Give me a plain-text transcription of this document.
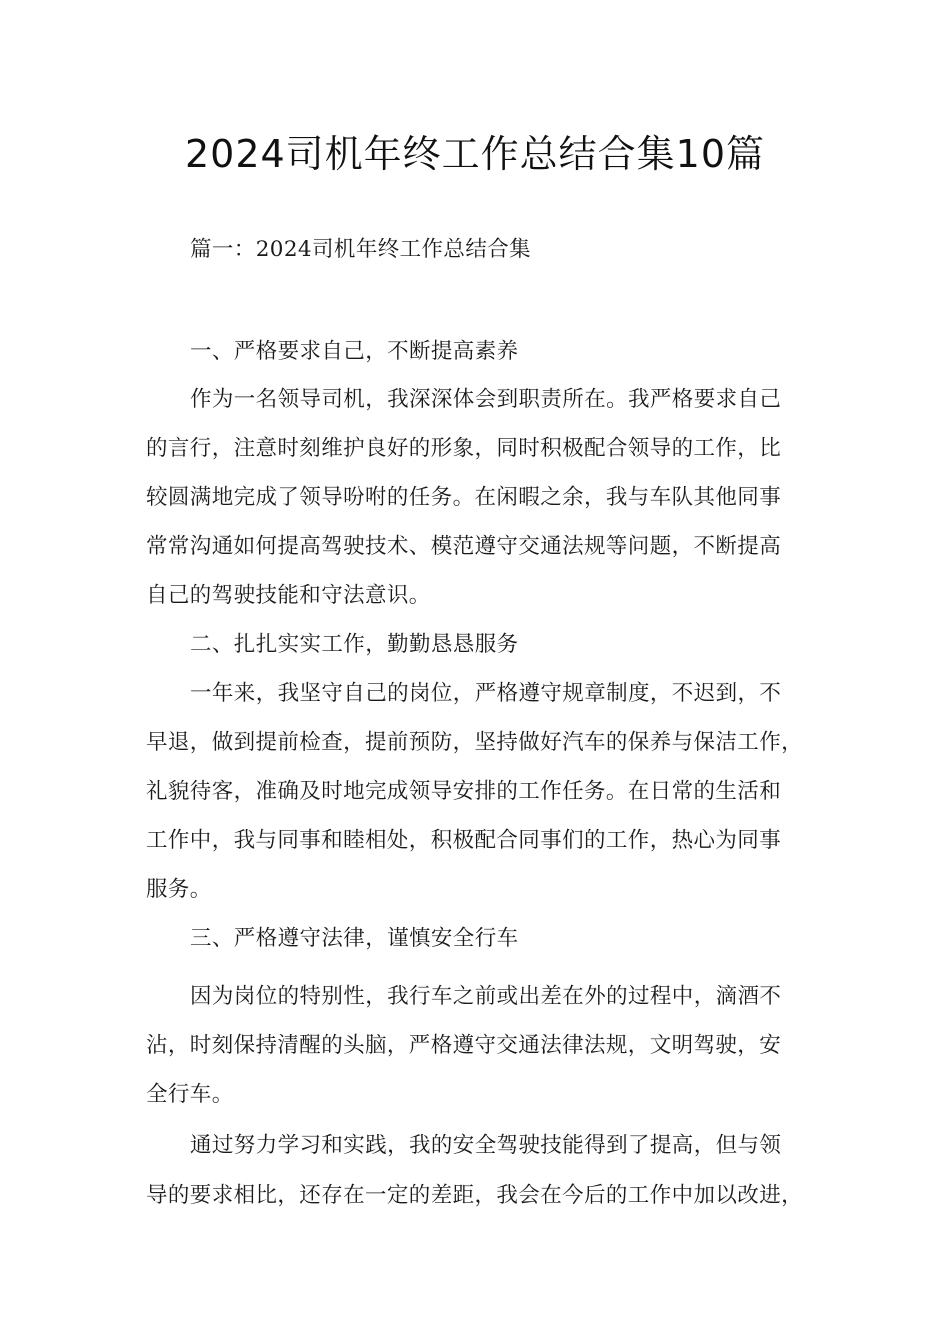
2024司机年终工作总结合集10篇
篇一：2024司机年终工作总结合集
一、严格要求自己，不断提高素养
作为一名领导司机，我深深体会到职责所在。我严格要求自己
的言行，注意时刻维护良好的形象，同时积极配合领导的工作，比
较圆满地完成了领导吩咐的任务。在闲暇之余，我与车队其他同事
常常沟通如何提高驾驶技术、模范遵守交通法规等问题，不断提高
自己的驾驶技能和守法意识。
二、扎扎实实工作，勤勤恳恳服务
一年来，我坚守自己的岗位，严格遵守规章制度，不迟到，不
早退，做到提前检查，提前预防，坚持做好汽车的保养与保洁工作，
礼貌待客，准确及时地完成领导安排的工作任务。在日常的生活和
工作中，我与同事和睦相处，积极配合同事们的工作，热心为同事
服务。
三、严格遵守法律，谨慎安全行车
因为岗位的特别性，我行车之前或出差在外的过程中，滴酒不
沾，时刻保持清醒的头脑，严格遵守交通法律法规，文明驾驶，安
全行车。
通过努力学习和实践，我的安全驾驶技能得到了提高，但与领
导的要求相比，还存在一定的差距，我会在今后的工作中加以改进，
